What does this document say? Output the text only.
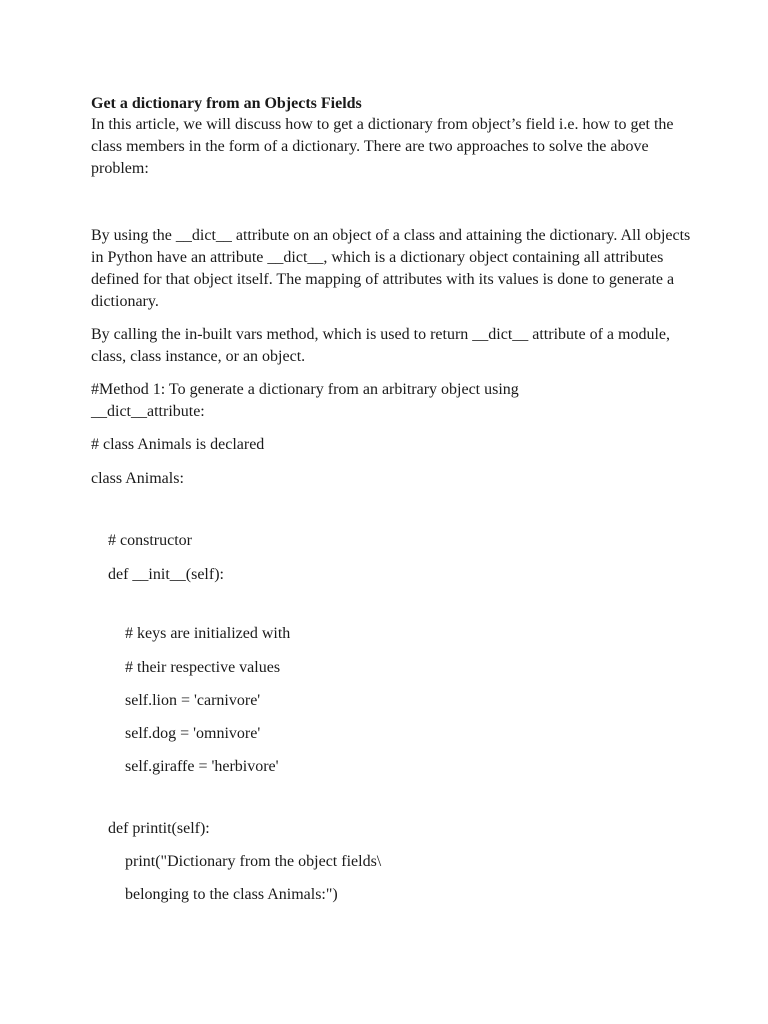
Get a dictionary from an Objects Fields
In this article, we will discuss how to get a dictionary from object’s field i.e. how to get the class members in the form of a dictionary. There are two approaches to solve the above problem:
By using the __dict__ attribute on an object of a class and attaining the dictionary. All objects in Python have an attribute __dict__, which is a dictionary object containing all attributes defined for that object itself. The mapping of attributes with its values is done to generate a dictionary.
By calling the in-built vars method, which is used to return __dict__ attribute of a module, class, class instance, or an object.
#Method 1: To generate a dictionary from an arbitrary object using __dict__attribute:
# class Animals is declared
class Animals:
# constructor
def __init__(self):
# keys are initialized with
# their respective values
self.lion = 'carnivore'
self.dog = 'omnivore'
self.giraffe = 'herbivore'
def printit(self):
print("Dictionary from the object fields\
belonging to the class Animals:")
